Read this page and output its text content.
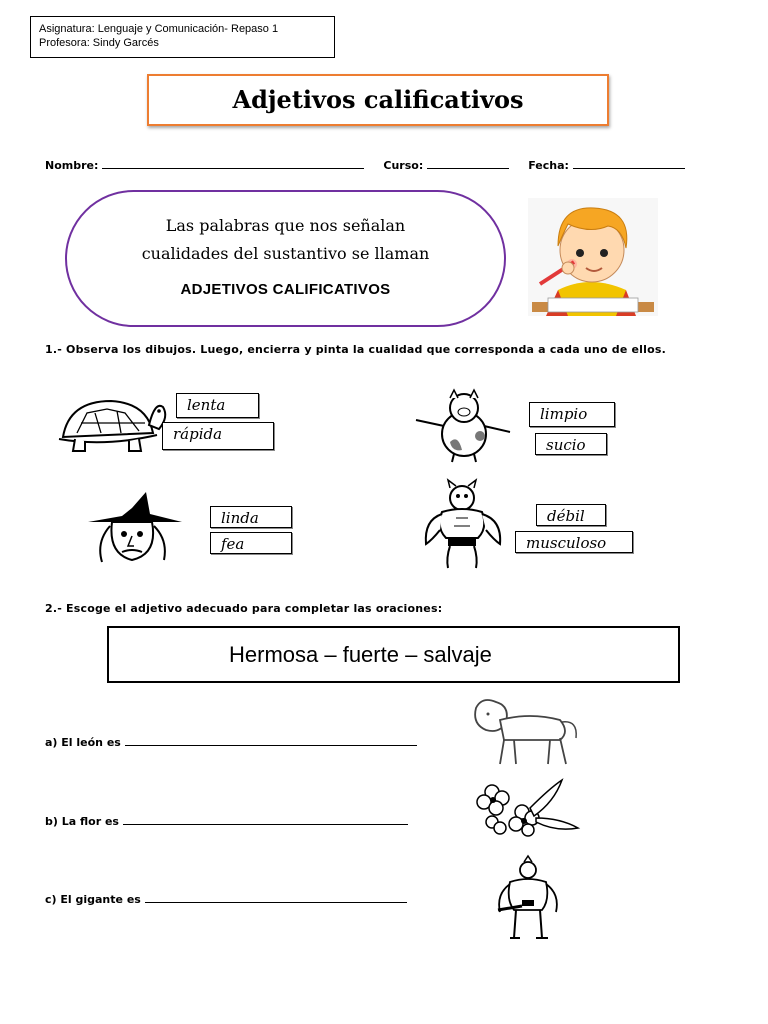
Asignatura: Lenguaje y Comunicación- Repaso 1
Profesora: Sindy Garcés
Adjetivos calificativos
Nombre:	Curso:	Fecha:
Las palabras que nos señalan
cualidades del sustantivo se llaman
ADJETIVOS CALIFICATIVOS
1.- Observa los dibujos. Luego, encierra y pinta la cualidad que corresponda a cada uno de ellos.
lenta
rápida
limpio
sucio
linda
fea
débil
musculoso
2.- Escoge el adjetivo adecuado para completar las oraciones:
Hermosa – fuerte – salvaje
a) El león es
b) La flor es
c) El gigante es
